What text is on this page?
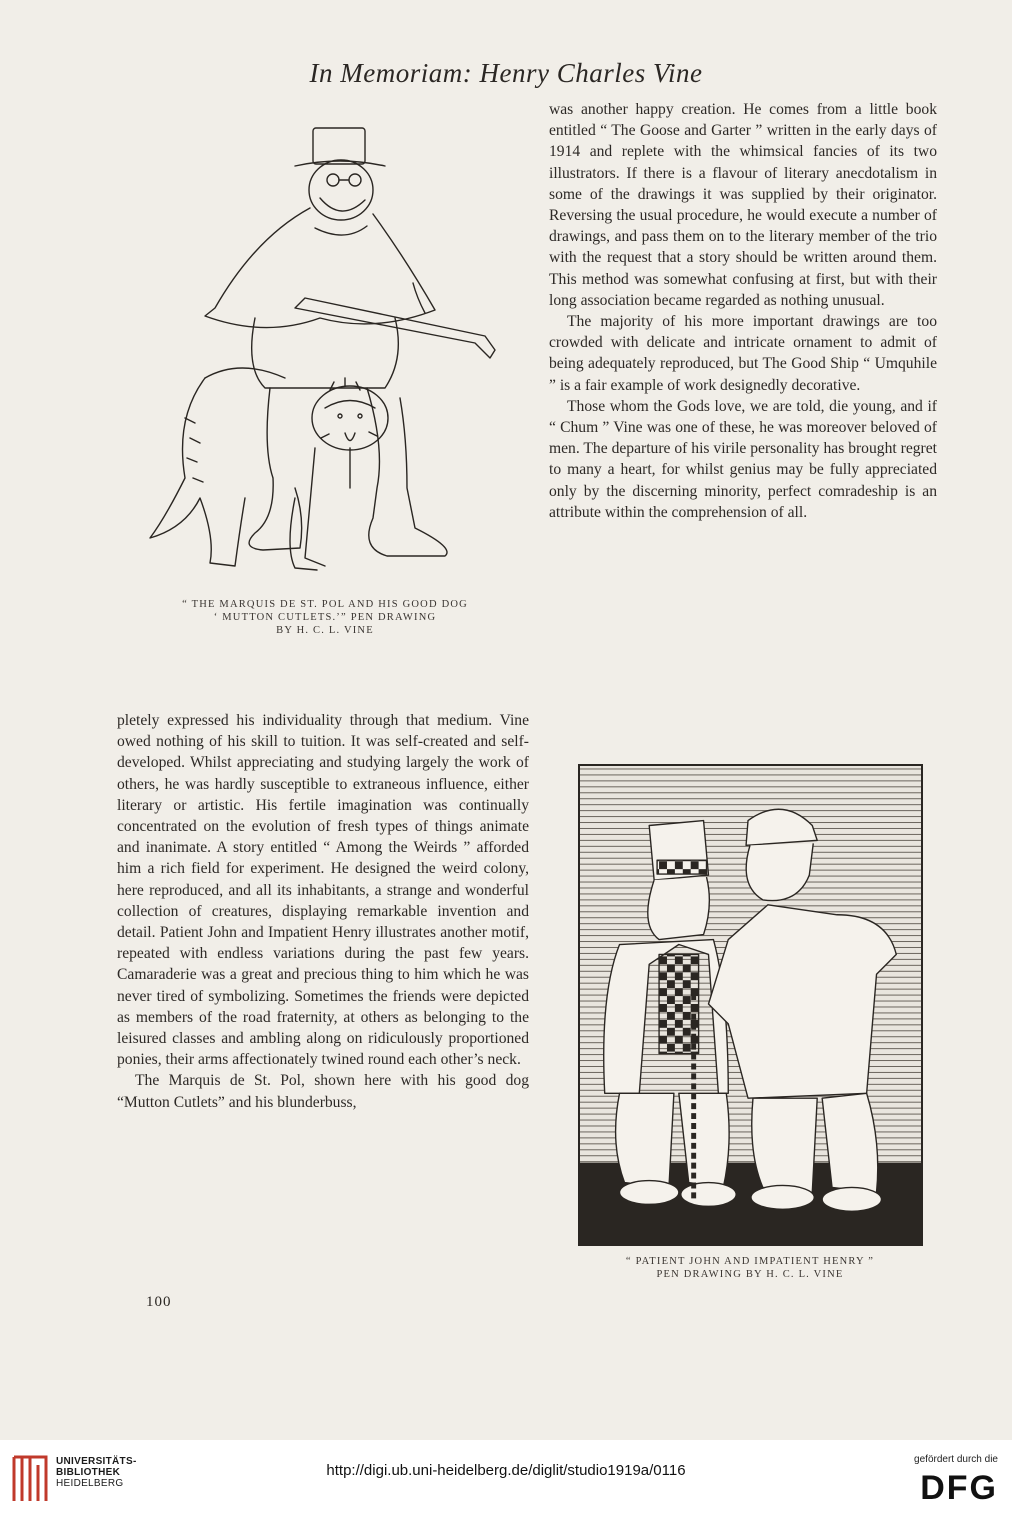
In Memoriam: Henry Charles Vine
“ THE MARQUIS DE ST. POL AND HIS GOOD DOG
‘ MUTTON CUTLETS.’” PEN DRAWING
BY H. C. L. VINE

was another happy creation. He comes from a little book entitled “ The Goose and Garter ” written in the early days of 1914 and replete with the whimsical fancies of its two illustrators. If there is a flavour of literary anecdotalism in some of the drawings it was supplied by their originator. Reversing the usual procedure, he would execute a number of drawings, and pass them on to the literary member of the trio with the request that a story should be written around them. This method was somewhat confusing at first, but with their long association became regarded as nothing unusual.

The majority of his more important drawings are too crowded with delicate and intricate ornament to admit of being adequately reproduced, but The Good Ship “ Umquhile ” is a fair example of work designedly decorative.

Those whom the Gods love, we are told, die young, and if “ Chum ” Vine was one of these, he was moreover beloved of men. The departure of his virile personality has brought regret to many a heart, for whilst genius may be fully appreciated only by the discerning minority, perfect comradeship is an attribute within the comprehension of all.

pletely expressed his individuality through that medium. Vine owed nothing of his skill to tuition. It was self-created and self-developed. Whilst appreciating and studying largely the work of others, he was hardly susceptible to extraneous influence, either literary or artistic. His fertile imagination was continually concentrated on the evolution of fresh types of things animate and inanimate. A story entitled “ Among the Weirds ” afforded him a rich field for experiment. He designed the weird colony, here reproduced, and all its inhabitants, a strange and wonderful collection of creatures, displaying remarkable invention and detail. Patient John and Impatient Henry illustrates another motif, repeated with endless variations during the past few years. Camaraderie was a great and precious thing to him which he was never tired of symbolizing. Sometimes the friends were depicted as members of the road fraternity, at others as belonging to the leisured classes and ambling along on ridiculously proportioned ponies, their arms affectionately twined round each other’s neck.

The Marquis de St. Pol, shown here with his good dog “Mutton Cutlets” and his blunderbuss,

“ PATIENT JOHN AND IMPATIENT HENRY ”
PEN DRAWING BY H. C. L. VINE
100
UNIVERSITÄTS-
BIBLIOTHEK
HEIDELBERG
http://digi.ub.uni-heidelberg.de/diglit/studio1919a/0116
gefördert durch die
DFG
